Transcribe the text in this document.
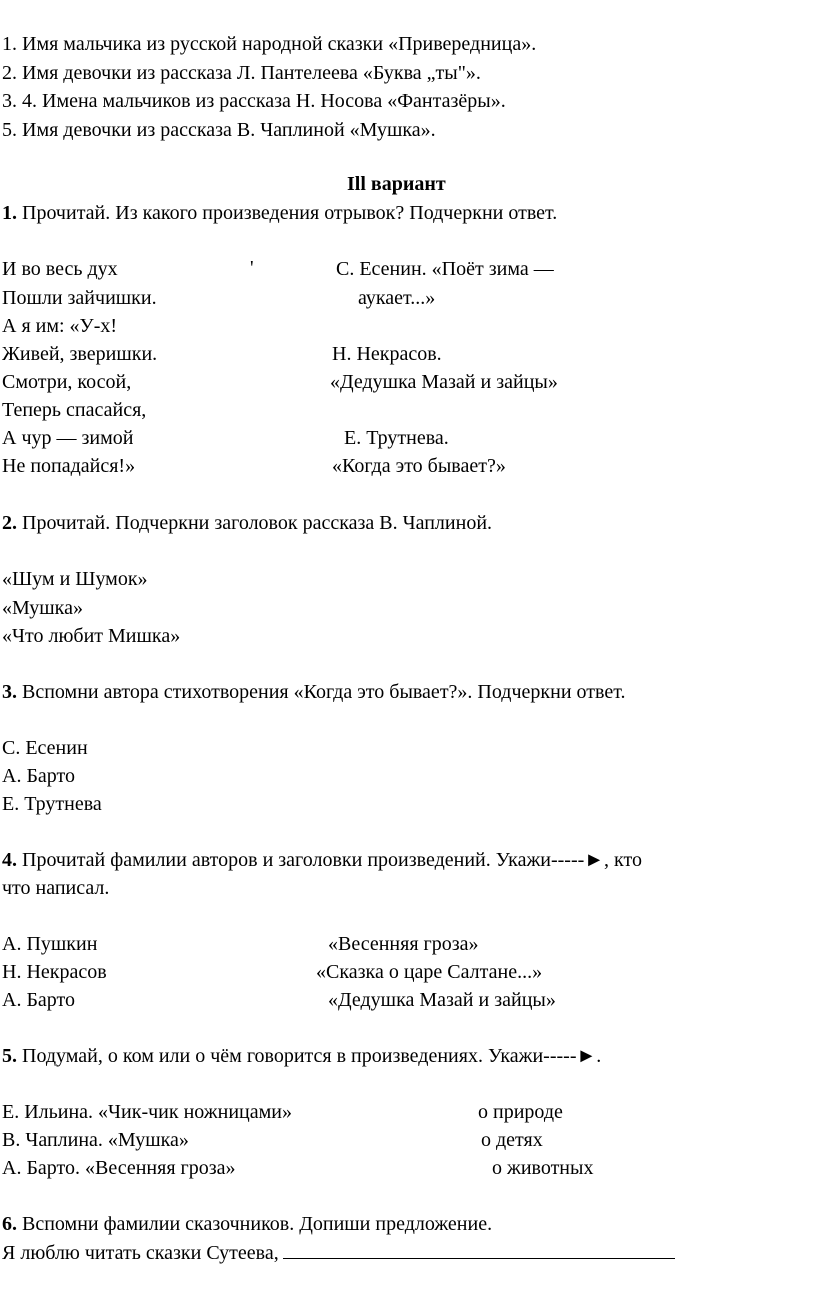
1. Имя мальчика из русской народной сказки «Привередница».
2. Имя девочки из рассказа Л. Пантелеева «Буква „ты"».
3. 4. Имена мальчиков из рассказа Н. Носова «Фантазёры».
5. Имя девочки из рассказа В. Чаплиной «Мушка».
Ill вариант
1. Прочитай. Из какого произведения отрывок? Подчеркни ответ.
И во весь дух
Пошли зайчишки.
А я им: «У-х!
Живей, зверишки.
Смотри, косой,
Теперь спасайся,
А чур — зимой
Не попадайся!»
'	С. Есенин. «Поёт зима —
аукает...»
Н. Некрасов.
«Дедушка Мазай и зайцы»
Е. Трутнева.
«Когда это бывает?»
2. Прочитай. Подчеркни заголовок рассказа В. Чаплиной.
«Шум и Шумок»
«Мушка»
«Что любит Мишка»
3. Вспомни автора стихотворения «Когда это бывает?». Подчеркни ответ.
С. Есенин
А. Барто
Е. Трутнева
4. Прочитай фамилии авторов и заголовки произведений. Укажи-----►, кто
что написал.
А. Пушкин
Н. Некрасов
А. Барто
«Весенняя гроза»
«Сказка о царе Салтане...»
«Дедушка Мазай и зайцы»
5. Подумай, о ком или о чём говорится в произведениях. Укажи-----►.
Е. Ильина. «Чик-чик ножницами»
В. Чаплина. «Мушка»
А. Барто. «Весенняя гроза»
о природе
о детях
о животных
6. Вспомни фамилии сказочников. Допиши предложение.
Я люблю читать сказки Сутеева,
